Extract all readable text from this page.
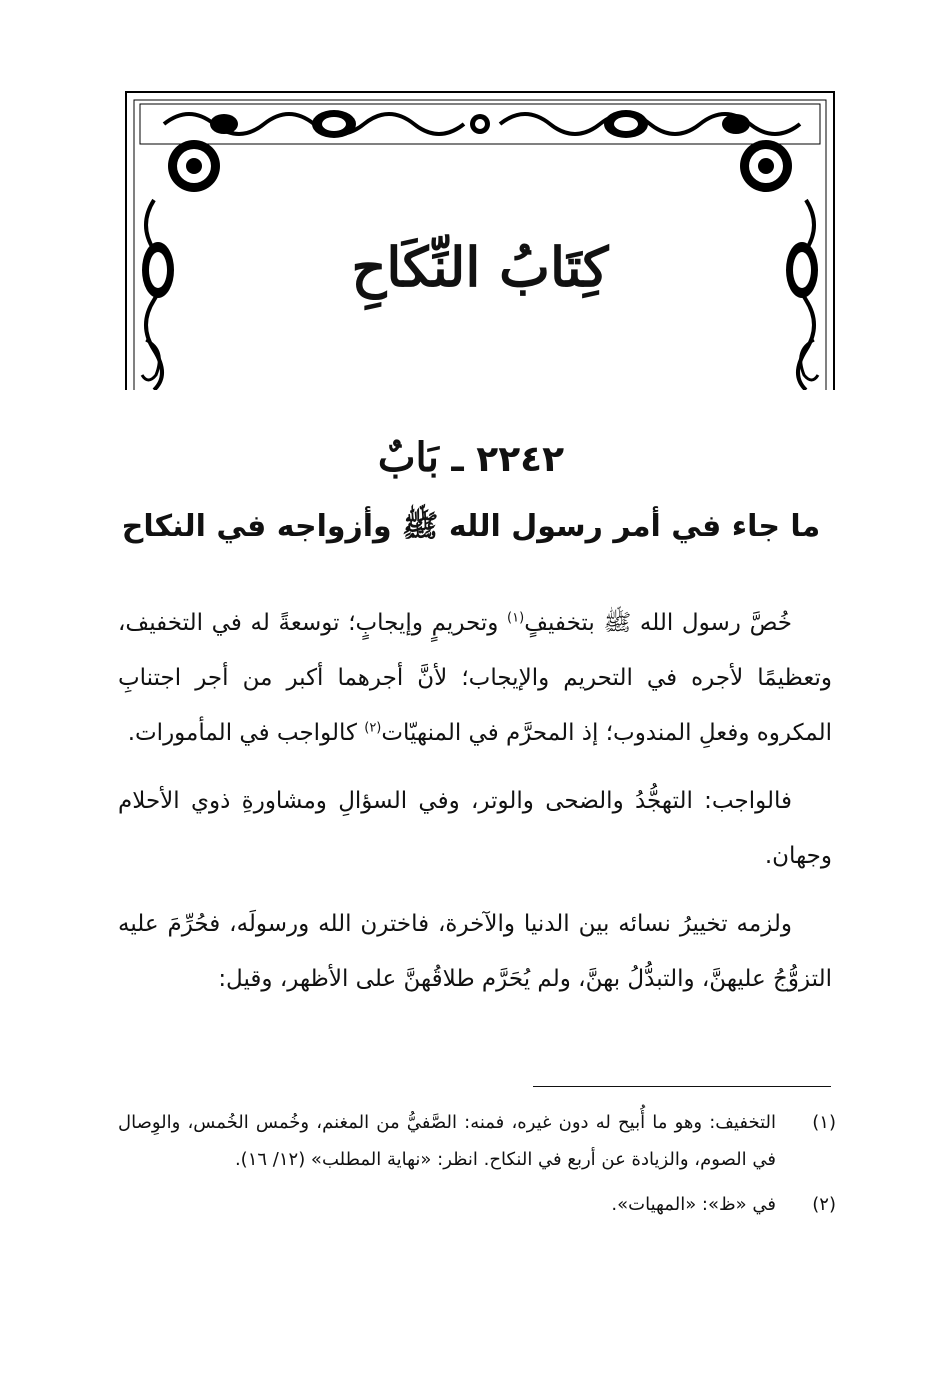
كِتَابُ النِّكَاحِ
٢٢٤٢ ـ بَابٌ
ما جاء في أمر رسول الله ﷺ وأزواجه في النكاح

خُصَّ رسول الله ﷺ بتخفيفٍ$^{(١)}$ وتحريمٍ وإيجابٍ؛ توسعةً له في التخفيف، وتعظيمًا لأجره في التحريم والإيجاب؛ لأنَّ أجرهما أكبر من أجر اجتنابِ المكروه وفعلِ المندوب؛ إذ المحرَّم في المنهيّات$^{(٢)}$ كالواجب في المأمورات.

فالواجب: التهجُّدُ والضحى والوتر، وفي السؤالِ ومشاورةِ ذوي الأحلام وجهان.

ولزمه تخييرُ نسائه بين الدنيا والآخرة، فاخترن الله ورسولَه، فحُرِّمَ عليه التزوُّجُ عليهنَّ، والتبدُّلُ بهنَّ، ولم يُحَرَّم طلاقُهنَّ على الأظهر، وقيل:

(١)
التخفيف: وهو ما أُبيح له دون غيره، فمنه: الصَّفيُّ من المغنم، وخُمس الخُمس، والوِصال في الصوم، والزيادة عن أربع في النكاح. انظر: «نهاية المطلب» (١٢/ ١٦).
(٢)
في «ظ»: «المهيات».
